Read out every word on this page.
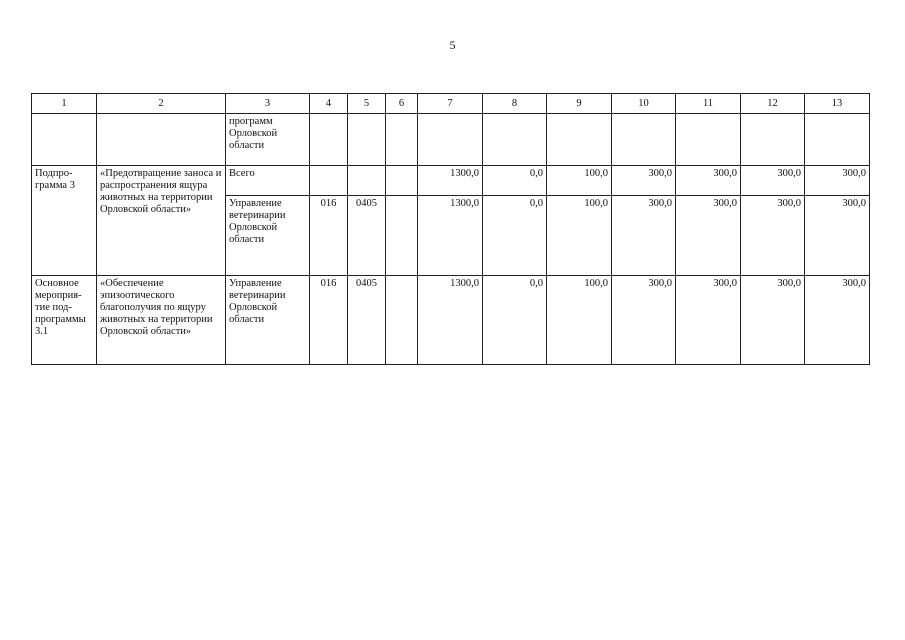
5
1	2	3	4	5	6	7	8	9	10	11	12	13
		программ Орловской области										
Подпро-грамма 3	«Предотвращение заноса и распространения ящура животных на территории Орловской области»	Всего				1300,0	0,0	100,0	300,0	300,0	300,0	300,0
		Управление ветеринарии Орловской области	016	0405		1300,0	0,0	100,0	300,0	300,0	300,0	300,0
Основное мероприя-тие под-программы 3.1	«Обеспечение эпизоотического благополучия по ящуру животных на территории Орловской области»	Управление ветеринарии Орловской области	016	0405		1300,0	0,0	100,0	300,0	300,0	300,0	300,0
